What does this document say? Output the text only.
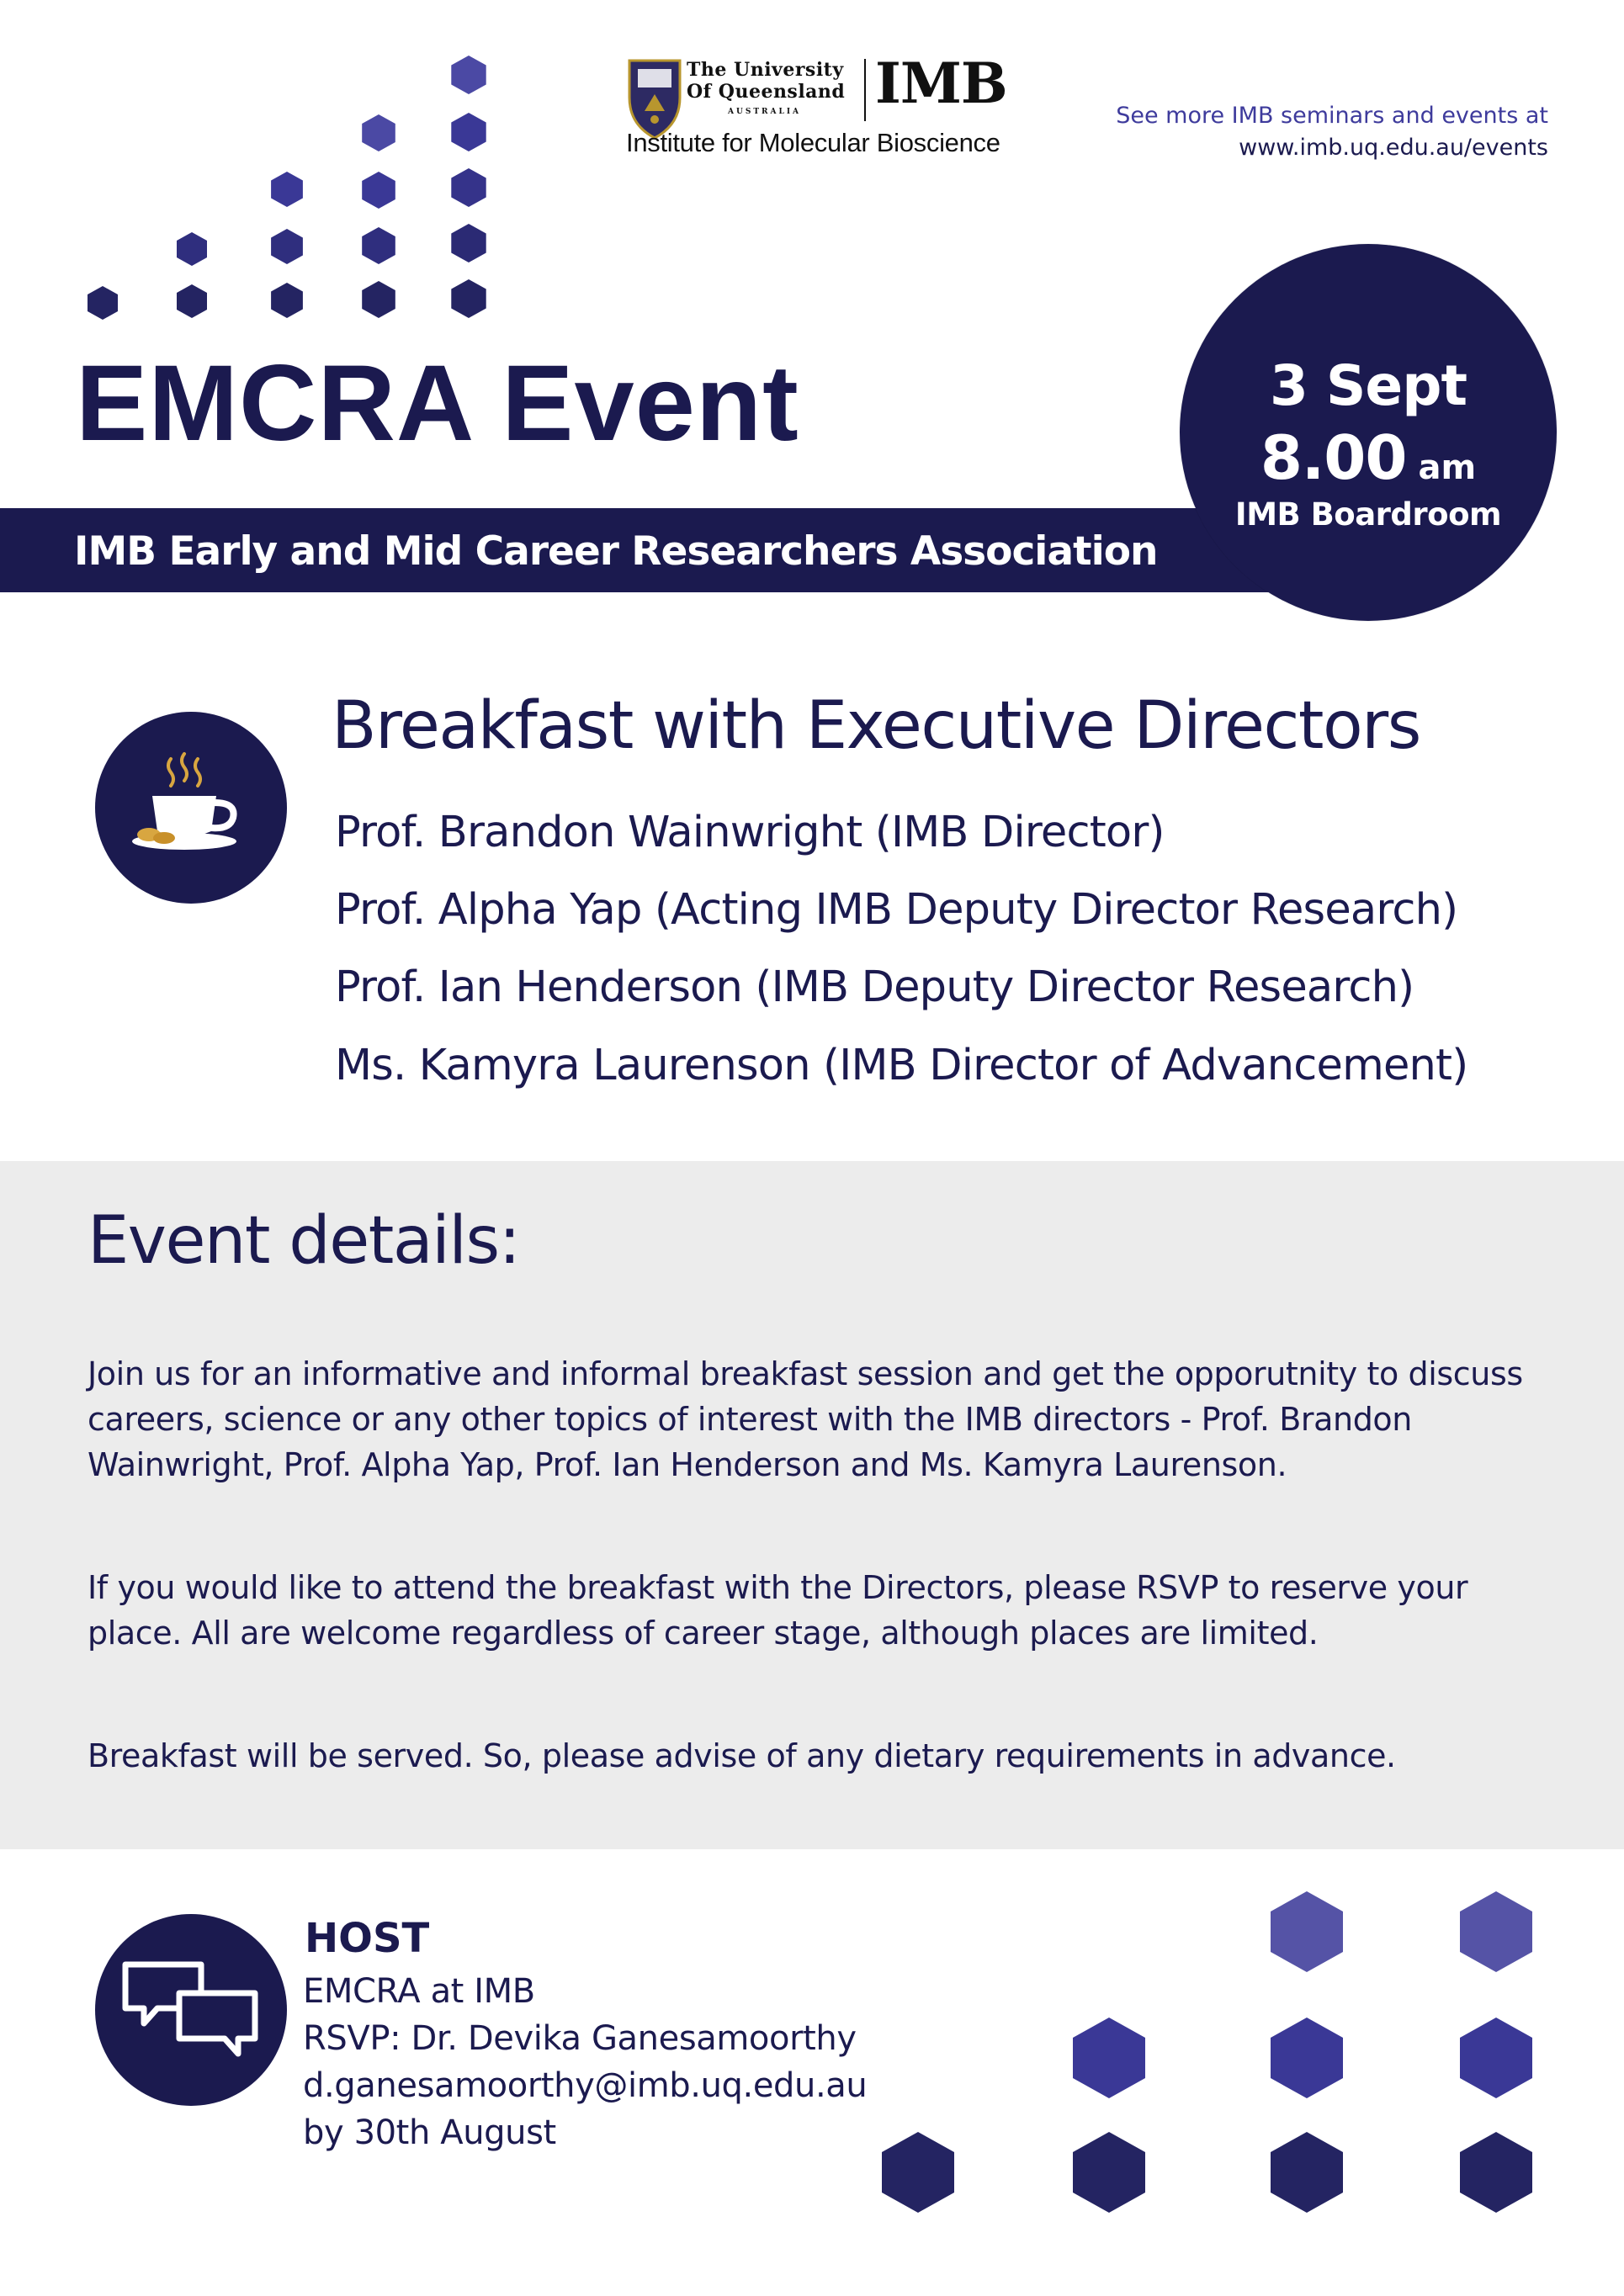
The University
Of Queensland
AUSTRALIA IMB
Institute for Molecular Bioscience
See more IMB seminars and events at
www.imb.uq.edu.au/events
EMCRA Event
IMB Early and Mid Career Researchers Association
3 Sept
8.00 am
IMB Boardroom
Breakfast with Executive Directors
Prof. Brandon Wainwright (IMB Director)
Prof. Alpha Yap (Acting IMB Deputy Director Research)
Prof. Ian Henderson (IMB Deputy Director Research)
Ms. Kamyra Laurenson (IMB Director of Advancement)
Event details:
Join us for an informative and informal breakfast session and get the opporutnity to discuss careers, science or any other topics of interest with the IMB directors - Prof. Brandon Wainwright, Prof. Alpha Yap, Prof. Ian Henderson and Ms. Kamyra Laurenson.
If you would like to attend the breakfast with the Directors, please RSVP to reserve your place. All are welcome regardless of career stage, although places are limited.
Breakfast will be served. So, please advise of any dietary requirements in advance.
HOST
EMCRA at IMB
RSVP: Dr. Devika Ganesamoorthy
d.ganesamoorthy@imb.uq.edu.au
by 30th August
